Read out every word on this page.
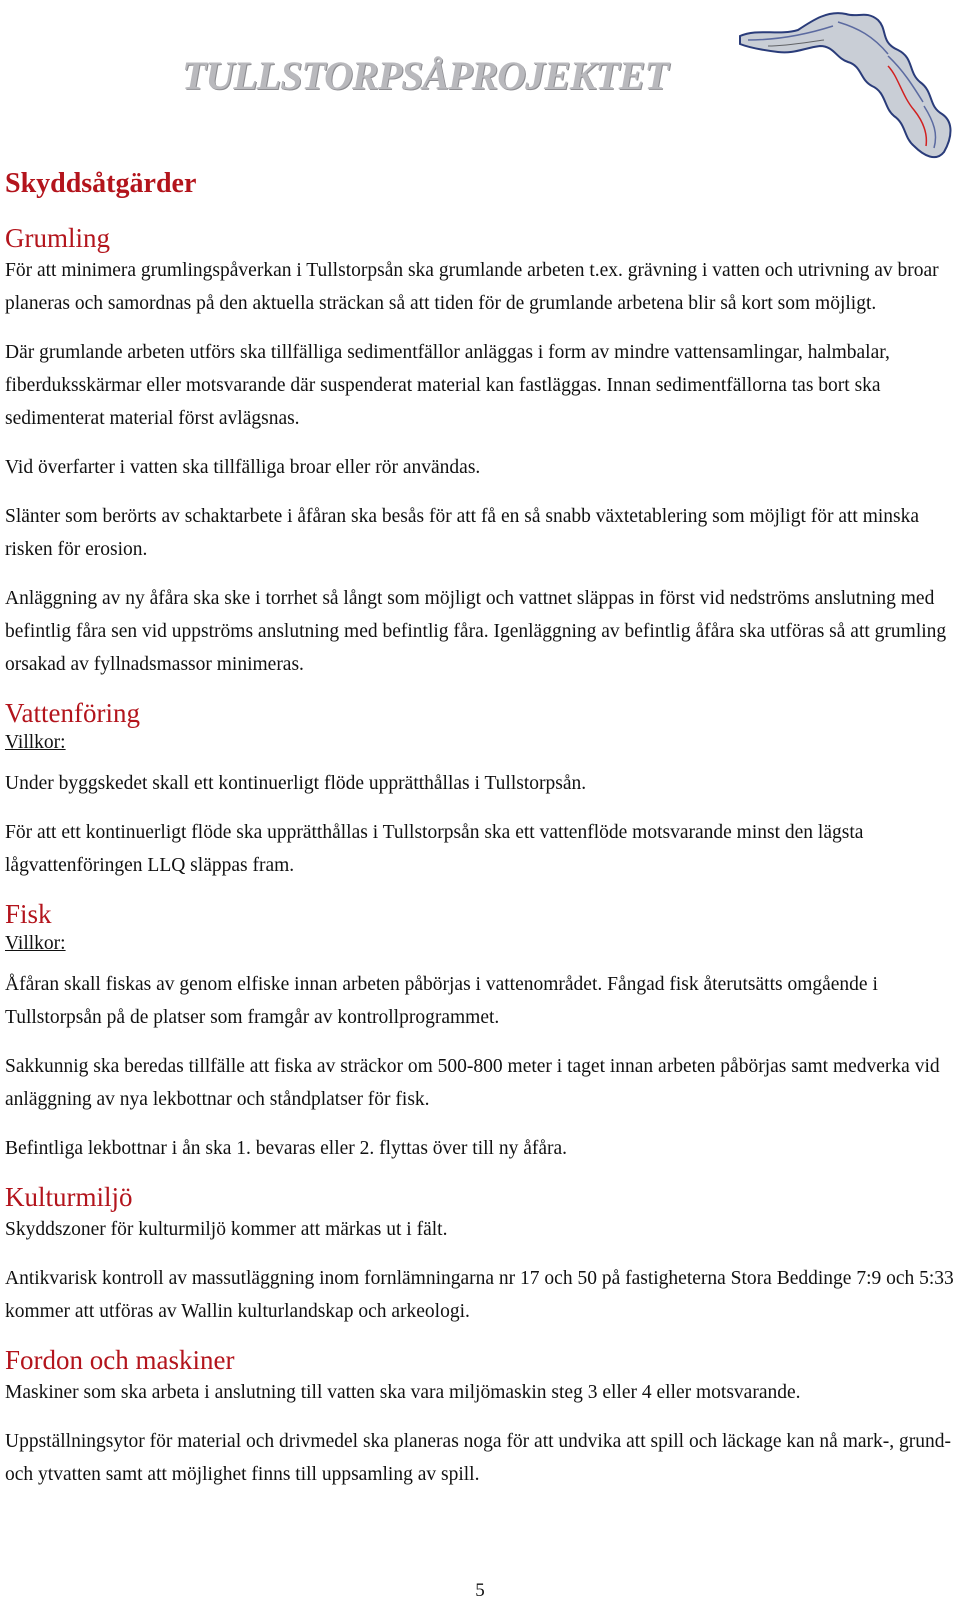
TULLSTORPSÅPROJEKTET
Skyddsåtgärder
Grumling

För att minimera grumlingspåverkan i Tullstorpsån ska grumlande arbeten t.ex. grävning i vatten och utrivning av broar planeras och samordnas på den aktuella sträckan så att tiden för de grumlande arbetena blir så kort som möjligt.

Där grumlande arbeten utförs ska tillfälliga sedimentfällor anläggas i form av mindre vattensamlingar, halmbalar, fiberduksskärmar eller motsvarande där suspenderat material kan fastläggas. Innan sedimentfällorna tas bort ska sedimenterat material först avlägsnas.

Vid överfarter i vatten ska tillfälliga broar eller rör användas.

Slänter som berörts av schaktarbete i åfåran ska besås för att få en så snabb växtetablering som möjligt för att minska risken för erosion.

Anläggning av ny åfåra ska ske i torrhet så långt som möjligt och vattnet släppas in först vid nedströms anslutning med befintlig fåra sen vid uppströms anslutning med befintlig fåra. Igenläggning av befintlig åfåra ska utföras så att grumling orsakad av fyllnadsmassor minimeras.

Vattenföring
Villkor:

Under byggskedet skall ett kontinuerligt flöde upprätthållas i Tullstorpsån.

För att ett kontinuerligt flöde ska upprätthållas i Tullstorpsån ska ett vattenflöde motsvarande minst den lägsta lågvattenföringen LLQ släppas fram.

Fisk
Villkor:

Åfåran skall fiskas av genom elfiske innan arbeten påbörjas i vattenområdet. Fångad fisk återutsätts omgående i Tullstorpsån på de platser som framgår av kontrollprogrammet.

Sakkunnig ska beredas tillfälle att fiska av sträckor om 500-800 meter i taget innan arbeten påbörjas samt medverka vid anläggning av nya lekbottnar och ståndplatser för fisk.

Befintliga lekbottnar i ån ska 1. bevaras eller 2. flyttas över till ny åfåra.

Kulturmiljö

Skyddszoner för kulturmiljö kommer att märkas ut i fält.

Antikvarisk kontroll av massutläggning inom fornlämningarna nr 17 och 50 på fastigheterna Stora Beddinge 7:9 och 5:33 kommer att utföras av Wallin kulturlandskap och arkeologi.

Fordon och maskiner

Maskiner som ska arbeta i anslutning till vatten ska vara miljömaskin steg 3 eller 4 eller motsvarande.

Uppställningsytor för material och drivmedel ska planeras noga för att undvika att spill och läckage kan nå mark-, grund- och ytvatten samt att möjlighet finns till uppsamling av spill.

5
